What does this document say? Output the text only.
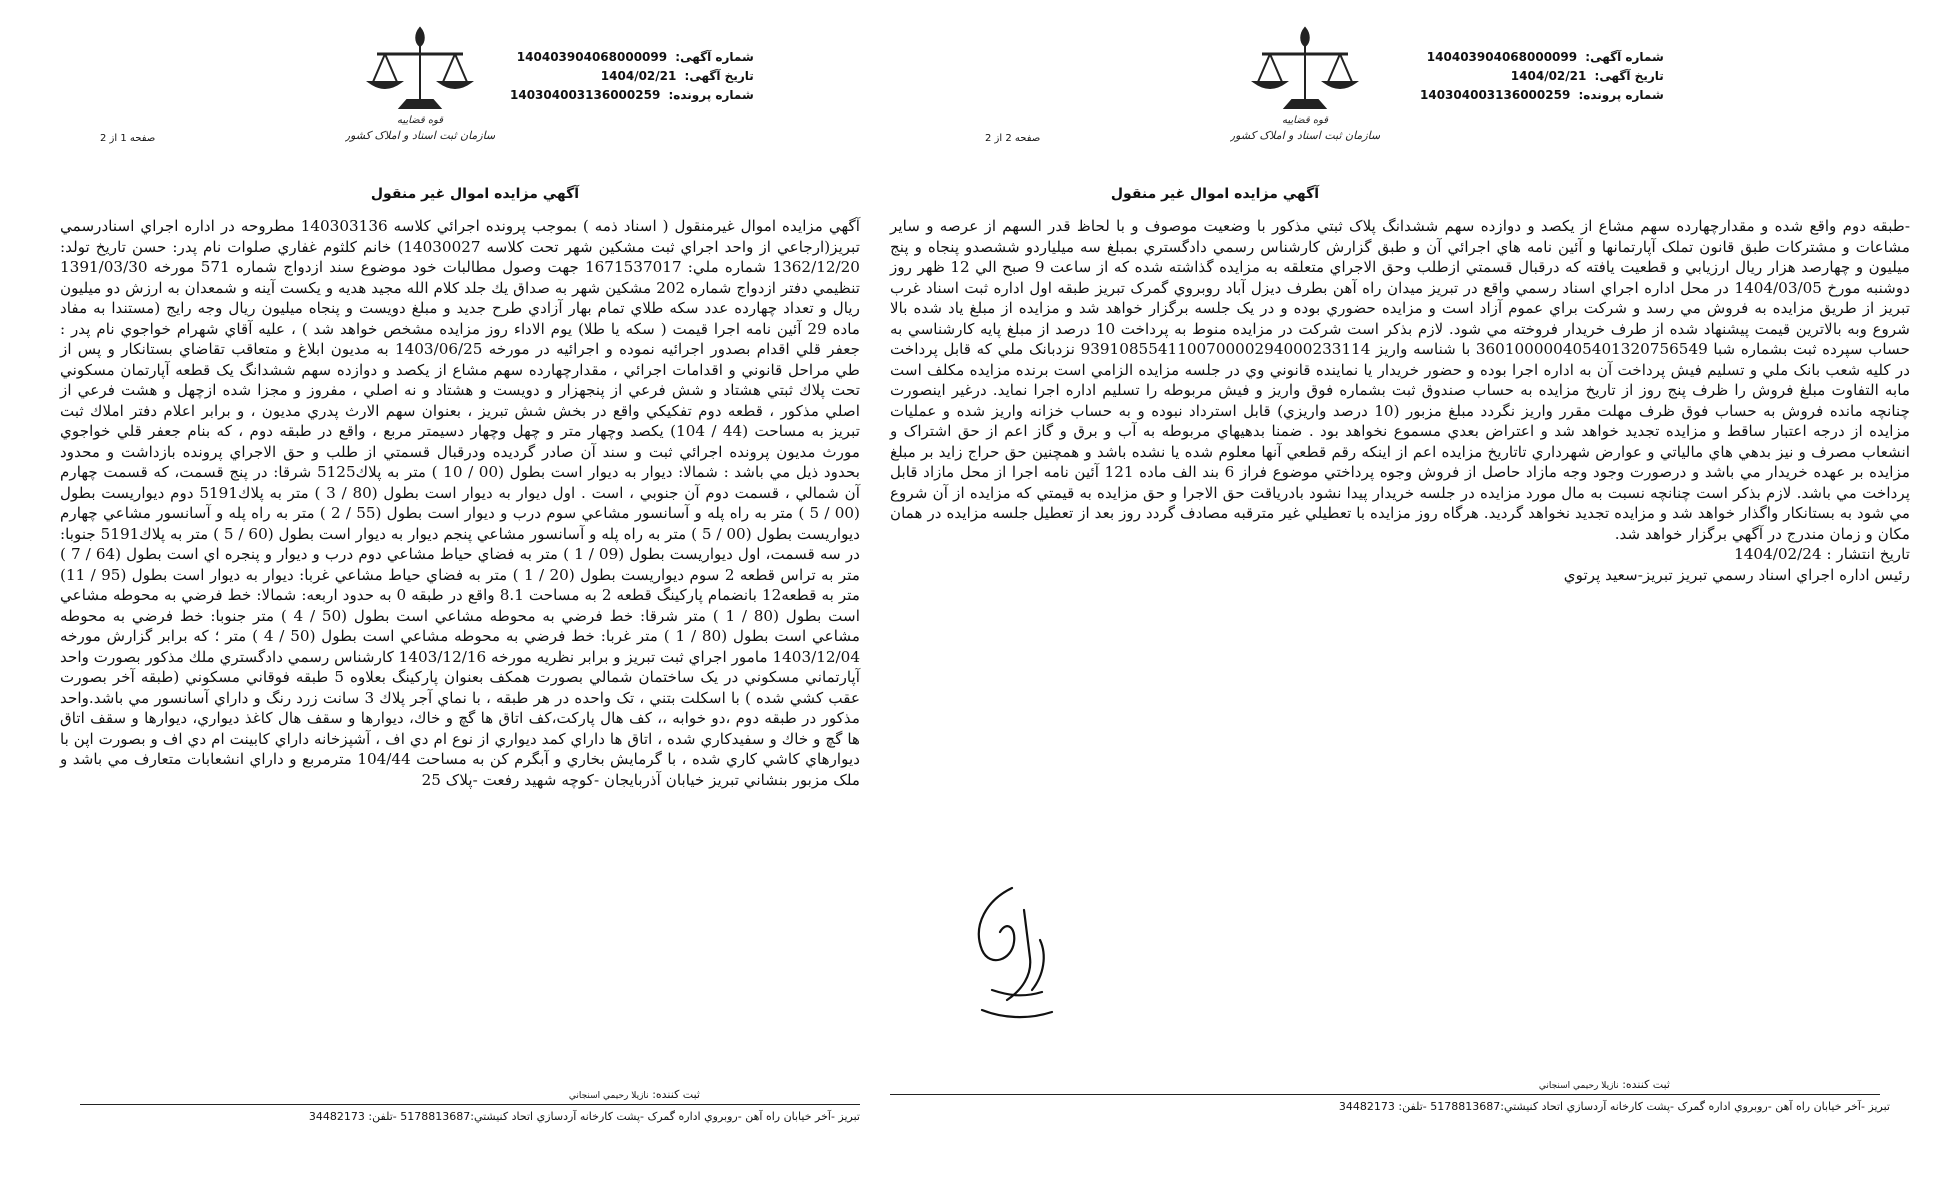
شماره آگهی: 140403904068000099
تاریخ آگهی: 1404/02/21
شماره پرونده: 140304003136000259
قوه قضاییه
سازمان ثبت اسناد و املاک کشور
صفحه 1 از 2
آگهي مزايده اموال غير منقول
آگهي مزايده اموال غيرمنقول ( اسناد ذمه ) بموجب پرونده اجرائي كلاسه 140303136 مطروحه در اداره اجراي اسنادرسمي تبريز(ارجاعي از واحد اجراي ثبت مشكين شهر تحت كلاسه 14030027) خانم كلثوم غفاري صلوات نام پدر: حسن تاريخ تولد: 1362/12/20 شماره ملي: 1671537017 جهت وصول مطالبات خود موضوع سند ازدواج شماره 571 مورخه 1391/03/30 تنظيمي دفتر ازدواج شماره 202 مشكين شهر به صداق يك جلد كلام الله مجيد هديه و يكست آينه و شمعدان به ارزش دو ميليون ريال و تعداد چهارده عدد سكه طلاي تمام بهار آزادي طرح جديد و مبلغ دويست و پنجاه ميليون ريال وجه رايج (مستندا به مفاد ماده 29 آئين نامه اجرا قيمت ( سكه يا طلا) يوم الاداء روز مزايده مشخص خواهد شد ) ، عليه آقاي شهرام خواجوي نام پدر : جعفر قلي اقدام بصدور اجرائيه نموده و اجرائيه در مورخه 1403/06/25 به مديون ابلاغ و متعاقب تقاضاي بستانكار و پس از طي مراحل قانوني و اقدامات اجرائي ، مقدارچهارده سهم مشاع از يكصد و دوازده سهم ششدانگ يک قطعه آپارتمان مسكوني تحت پلاك ثبتي هشتاد و شش فرعي از پنجهزار و دويست و هشتاد و نه اصلي ، مفروز و مجزا شده ازچهل و هشت فرعي از اصلي مذكور ، قطعه دوم تفكيكي واقع در بخش شش تبريز ، بعنوان سهم الارث پدري مديون ، و برابر اعلام دفتر املاك ثبت تبريز به مساحت (44 / 104) يكصد وچهار متر و چهل وچهار دسيمتر مربع ، واقع در طبقه دوم ، كه بنام جعفر قلي خواجوي مورث مديون پرونده اجرائي ثبت و سند آن صادر گرديده ودرقبال قسمتي از طلب و حق الاجراي پرونده بازداشت و محدود بحدود ذيل مي باشد : شمالا: ديوار به ديوار است بطول (00 / 10 ) متر به پلاك5125 شرقا: در پنج قسمت، كه قسمت چهارم آن شمالي ، قسمت دوم آن جنوبي ، است . اول ديوار به ديوار است بطول (80 / 3 ) متر به پلاك5191 دوم ديواريست بطول (00 / 5 ) متر به راه پله و آسانسور مشاعي سوم درب و ديوار است بطول (55 / 2 ) متر به راه پله و آسانسور مشاعي چهارم ديواريست بطول (00 / 5 ) متر به راه پله و آسانسور مشاعي پنجم ديوار به ديوار است بطول (60 / 5 ) متر به پلاك5191 جنوبا: در سه قسمت، اول ديواريست بطول (09 / 1 ) متر به فضاي حياط مشاعي دوم درب و ديوار و پنجره اي است بطول (64 / 7 ) متر به تراس قطعه 2 سوم ديواريست بطول (20 / 1 ) متر به فضاي حياط مشاعي غربا: ديوار به ديوار است بطول (95 / 11) متر به قطعه12 بانضمام پاركينگ قطعه 2 به مساحت 8.1 واقع در طبقه 0 به حدود اربعه: شمالا: خط فرضي به محوطه مشاعي است بطول (80 / 1 ) متر شرقا: خط فرضي به محوطه مشاعي است بطول (50 / 4 ) متر جنوبا: خط فرضي به محوطه مشاعي است بطول (80 / 1 ) متر غربا: خط فرضي به محوطه مشاعي است بطول (50 / 4 ) متر ؛ كه برابر گزارش مورخه 1403/12/04 مامور اجراي ثبت تبريز و برابر نظريه مورخه 1403/12/16 كارشناس رسمي دادگستري ملك مذكور بصورت واحد آپارتماني مسكوني در يک ساختمان شمالي بصورت همكف بعنوان پاركينگ بعلاوه 5 طبقه فوقاني مسكوني (طبقه آخر بصورت عقب كشي شده ) با اسكلت بتني ، تک واحده در هر طبقه ، با نماي آجر پلاك 3 سانت زرد رنگ و داراي آسانسور مي باشد.واحد مذكور در طبقه دوم ،دو خوابه ،، كف هال پاركت،كف اتاق ها گچ و خاك، ديوارها و سقف هال كاغذ ديواري، ديوارها و سقف اتاق ها گچ و خاك و سفيدكاري شده ، اتاق ها داراي كمد ديواري از نوع ام دي اف ، آشپزخانه داراي كابينت ام دي اف و بصورت اپن با ديوارهاي كاشي كاري شده ، با گرمايش بخاري و آبگرم كن به مساحت 104/44 مترمربع و داراي انشعابات متعارف مي باشد و ملک مزبور بنشاني تبريز خيابان آذربايجان -كوچه شهيد رفعت -پلاک 25
ثبت كننده: نازيلا رحيمي اسنجاني
تبريز -آخر خيابان راه آهن -روبروي اداره گمرک -پشت كارخانه آردسازي اتحاد كنيشتي:5178813687 -تلفن: 34482173
شماره آگهی: 140403904068000099
تاریخ آگهی: 1404/02/21
شماره پرونده: 140304003136000259
قوه قضاییه
سازمان ثبت اسناد و املاک کشور
صفحه 2 از 2
آگهي مزايده اموال غير منقول
-طبقه دوم واقع شده و مقدارچهارده سهم مشاع از يكصد و دوازده سهم ششدانگ پلاک ثبتي مذكور با وضعيت موصوف و با لحاظ قدر السهم از عرصه و ساير مشاعات و مشتركات طبق قانون تملک آپارتمانها و آئين نامه هاي اجرائي آن و طبق گزارش كارشناس رسمي دادگستري بمبلغ سه ميلياردو ششصدو پنجاه و پنج ميليون و چهارصد هزار ريال ارزيابي و قطعيت يافته كه درقبال قسمتي ازطلب وحق الاجراي متعلقه به مزايده گذاشته شده كه از ساعت 9 صبح الي 12 ظهر روز دوشنبه مورخ 1404/03/05 در محل اداره اجراي اسناد رسمي واقع در تبريز ميدان راه آهن بطرف ديزل آباد روبروي گمرک تبريز طبقه اول اداره ثبت اسناد غرب تبريز از طريق مزايده به فروش مي رسد و شركت براي عموم آزاد است و مزايده حضوري بوده و در يک جلسه برگزار خواهد شد و مزايده از مبلغ ياد شده بالا شروع وبه بالاترين قيمت پيشنهاد شده از طرف خريدار فروخته مي شود. لازم بذكر است شركت در مزايده منوط به پرداخت 10 درصد از مبلغ پايه كارشناسي به حساب سپرده ثبت بشماره شبا 360100000405401320756549 با شناسه واريز 939108554110070000294000233114 نزدبانک ملي كه قابل پرداخت در كليه شعب بانک ملي و تسليم فيش پرداخت آن به اداره اجرا بوده و حضور خريدار يا نماينده قانوني وي در جلسه مزايده الزامي است برنده مزايده مكلف است مابه التفاوت مبلغ فروش را ظرف پنج روز از تاريخ مزايده به حساب صندوق ثبت بشماره فوق واريز و فيش مربوطه را تسليم اداره اجرا نمايد. درغير اينصورت چنانچه مانده فروش به حساب فوق ظرف مهلت مقرر واريز نگردد مبلغ مزبور (10 درصد واريزي) قابل استرداد نبوده و به حساب خزانه واريز شده و عمليات مزايده از درجه اعتبار ساقط و مزايده تجديد خواهد شد و اعتراض بعدي مسموع نخواهد بود . ضمنا بدهيهاي مربوطه به آب و برق و گاز اعم از حق اشتراک و انشعاب مصرف و نيز بدهي هاي مالياتي و عوارض شهرداري تاتاريخ مزايده اعم از اينكه رقم قطعي آنها معلوم شده يا نشده باشد و همچنين حق حراج زايد بر مبلغ مزايده بر عهده خريدار مي باشد و درصورت وجود وجه مازاد حاصل از فروش وجوه پرداختي موضوع فراز 6 بند الف ماده 121 آئين نامه اجرا از محل مازاد قابل پرداخت مي باشد. لازم بذكر است چنانچه نسبت به مال مورد مزايده در جلسه خريدار پيدا نشود بادرياقت حق الاجرا و حق مزايده به قيمتي كه مزايده از آن شروع مي شود به بستانكار واگذار خواهد شد و مزايده تجديد نخواهد گرديد. هرگاه روز مزايده با تعطيلي غير مترقبه مصادف گردد روز بعد از تعطيل جلسه مزايده در همان مكان و زمان مندرج در آگهي برگزار خواهد شد.
تاريخ انتشار : 1404/02/24
رئيس اداره اجراي اسناد رسمي تبريز تبريز-سعيد پرتوي
ثبت كننده: نازيلا رحيمي اسنجاني
تبريز -آخر خيابان راه آهن -روبروي اداره گمرک -پشت كارخانه آردسازي اتحاد كنيشتي:5178813687 -تلفن: 34482173
